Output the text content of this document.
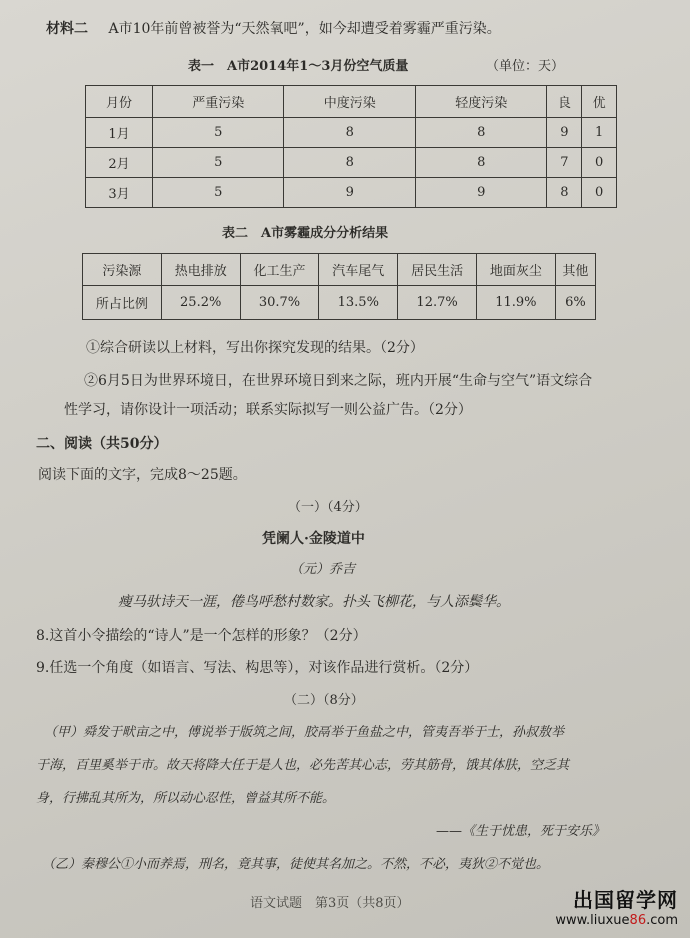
材料二 A市10年前曾被誉为“天然氧吧”，如今却遭受着雾霾严重污染。
表一　A市2014年1～3月份空气质量	（单位：天）
月份	严重污染	中度污染	轻度污染	良	优
1月	5	8	8	9	1
2月	5	8	8	7	0
3月	5	9	9	8	0
表二　A市雾霾成分分析结果
污染源	热电排放	化工生产	汽车尾气	居民生活	地面灰尘	其他
所占比例	25.2%	30.7%	13.5%	12.7%	11.9%	6%
①综合研读以上材料，写出你探究发现的结果。（2分）
②6月5日为世界环境日，在世界环境日到来之际，班内开展“生命与空气”语文综合
性学习，请你设计一项活动；联系实际拟写一则公益广告。（2分）
二、阅读（共50分）
阅读下面的文字，完成8～25题。
（一）（4分）
凭阑人·金陵道中
（元）乔吉
瘦马驮诗天一涯，倦鸟呼愁村数家。扑头飞柳花，与人添鬓华。
8.这首小令描绘的“诗人”是一个怎样的形象？（2分）
9.任选一个角度（如语言、写法、构思等），对该作品进行赏析。（2分）
（二）（8分）
（甲）舜发于畎亩之中，傅说举于版筑之间，胶鬲举于鱼盐之中，管夷吾举于士，孙叔敖举
于海，百里奚举于市。故天将降大任于是人也，必先苦其心志，劳其筋骨，饿其体肤，空乏其
身，行拂乱其所为，所以动心忍性，曾益其所不能。
——《生于忧患，死于安乐》
（乙）秦穆公①小而养焉，刑名，竟其事，徒使其名加之。不然，不必，夷狄②不觉也。
语文试题　第3页（共8页）	出国留学网
www.liuxue86.com
